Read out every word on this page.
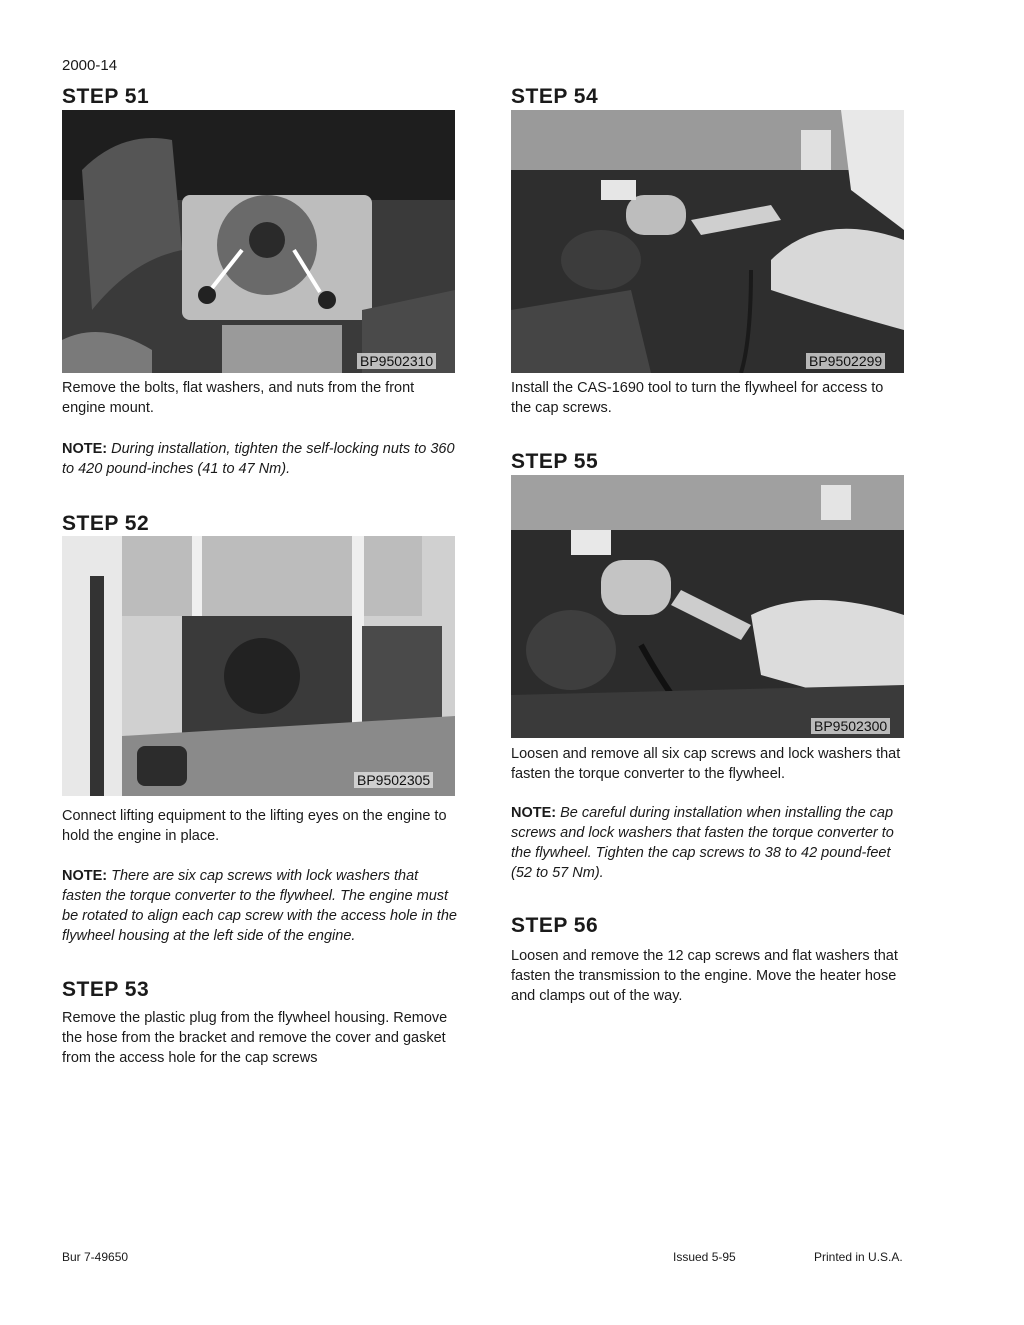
2000-14
STEP 51
BP9502310
Remove the bolts, flat washers, and nuts from the front engine mount.
NOTE: During installation, tighten the self-locking nuts to 360 to 420 pound-inches (41 to 47 Nm).
STEP 52
BP9502305
Connect lifting equipment to the lifting eyes on the engine to hold the engine in place.
NOTE: There are six cap screws with lock washers that fasten the torque converter to the flywheel. The engine must be rotated to align each cap screw with the access hole in the flywheel housing at the left side of the engine.
STEP 53
Remove the plastic plug from the flywheel housing. Remove the hose from the bracket and remove the cover and gasket from the access hole for the cap screws
STEP 54
BP9502299
Install the CAS-1690 tool to turn the flywheel for access to the cap screws.
STEP 55
BP9502300
Loosen and remove all six cap screws and lock washers that fasten the torque converter to the flywheel.
NOTE: Be careful during installation when installing the cap screws and lock washers that fasten the torque converter to the flywheel. Tighten the cap screws to 38 to 42 pound-feet (52 to 57 Nm).
STEP 56
Loosen and remove the 12 cap screws and flat washers that fasten the transmission to the engine. Move the heater hose and clamps out of the way.
Bur 7-49650	Issued 5-95	Printed in U.S.A.
